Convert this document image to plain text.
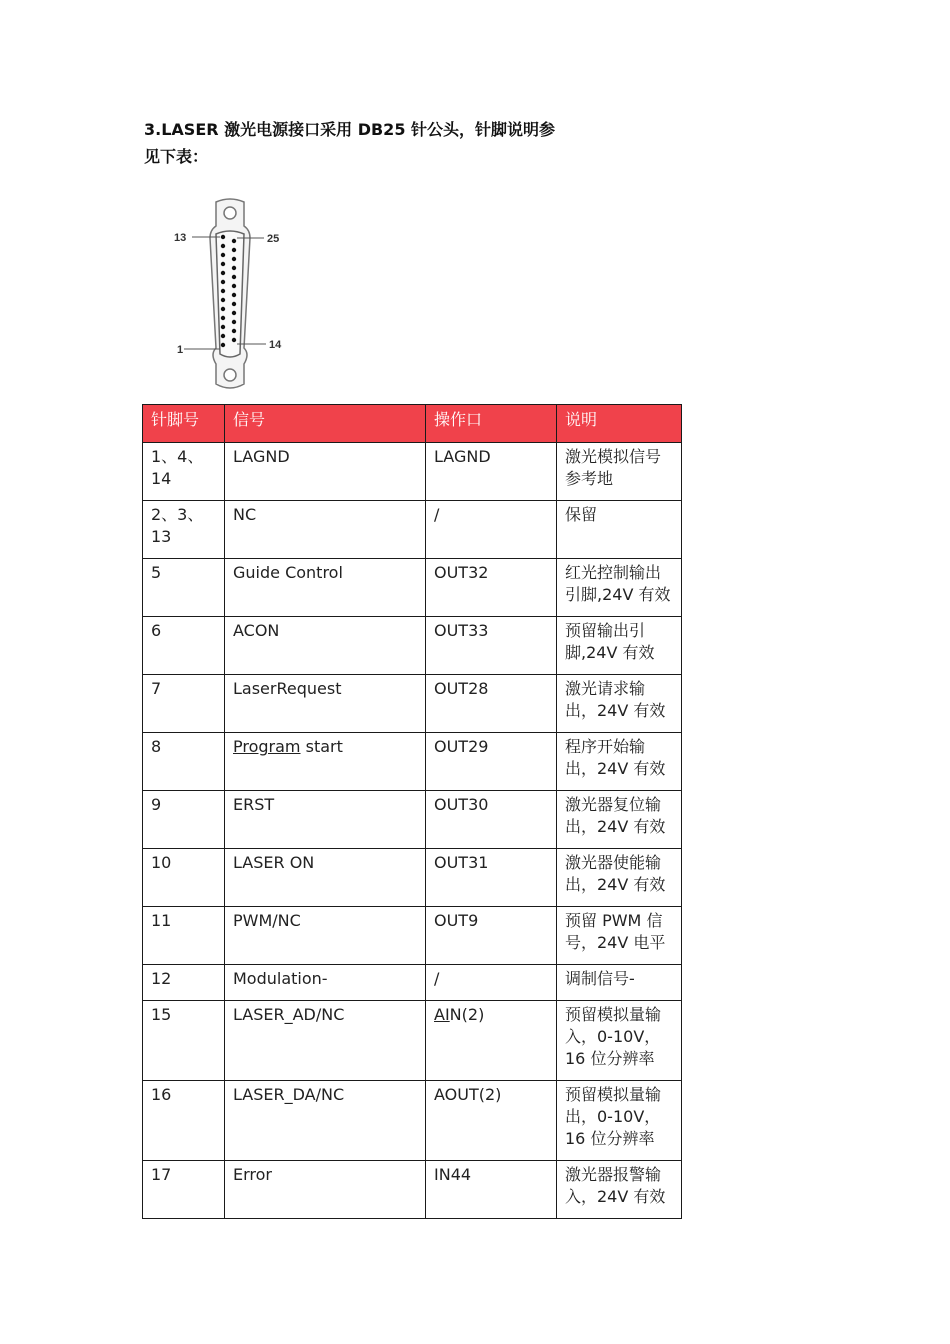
3.LASER 激光电源接口采用 DB25 针公头，针脚说明参
见下表：
13	25
1	14
针脚号	信号	操作口	说明
1、4、14	LAGND	LAGND	激光模拟信号参考地
2、3、13	NC	/	保留
5	Guide Control	OUT32	红光控制输出引脚,24V 有效
6	ACON	OUT33	预留输出引脚,24V 有效
7	LaserRequest	OUT28	激光请求输出，24V 有效
8	Program start	OUT29	程序开始输出，24V 有效
9	ERST	OUT30	激光器复位输出，24V 有效
10	LASER ON	OUT31	激光器使能输出，24V 有效
11	PWM/NC	OUT9	预留 PWM 信号，24V 电平
12	Modulation-	/	调制信号-
15	LASER_AD/NC	AIN(2)	预留模拟量输入，0-10V，16 位分辨率
16	LASER_DA/NC	AOUT(2)	预留模拟量输出，0-10V，16 位分辨率
17	Error	IN44	激光器报警输入，24V 有效
